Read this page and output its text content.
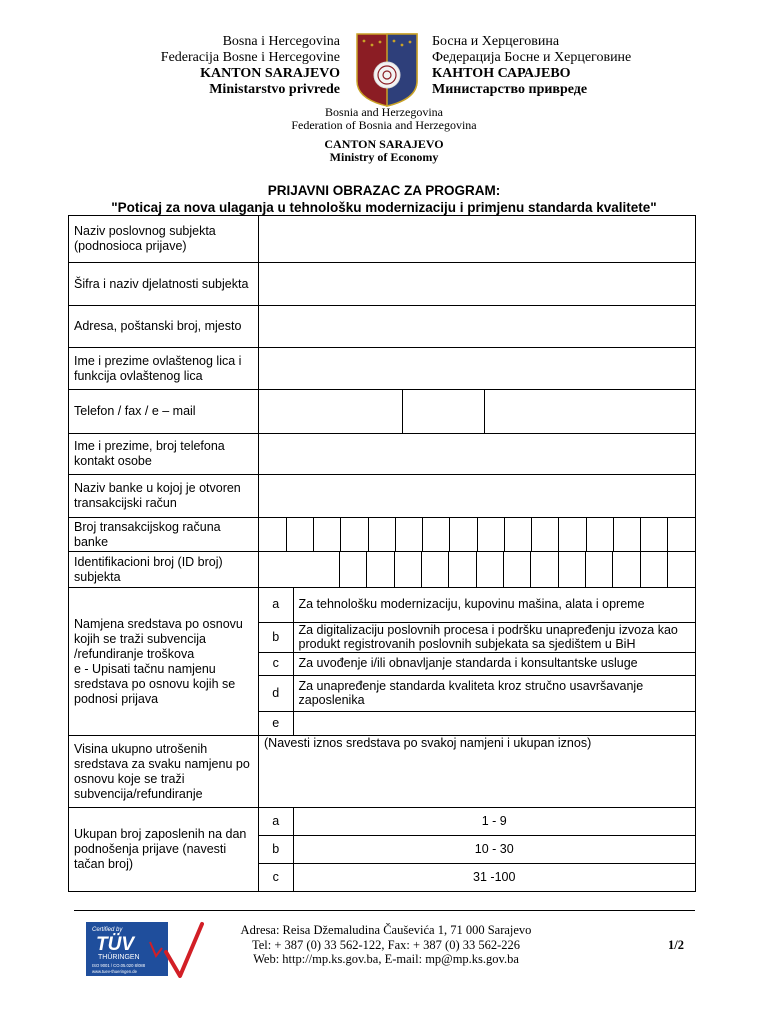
Bosna i Hercegovina
Federacija Bosne i Hercegovine
KANTON SARAJEVO
Ministarstvo privrede
Босна и Херцеговина
Федерација Босне и Херцеговине
КАНТОН САРАЈЕВО
Министарство привреде
Bosnia and Herzegovina
Federation of Bosnia and Herzegovina
CANTON SARAJEVO
Ministry of Economy
PRIJAVNI OBRAZAC ZA PROGRAM:
"Poticaj za nova ulaganja u tehnološku modernizaciju i primjenu standarda kvalitete"
Naziv poslovnog subjekta (podnosioca prijave)	
Šifra i naziv djelatnosti subjekta	
Adresa, poštanski broj, mjesto	
Ime i prezime ovlaštenog lica i funkcija ovlaštenog lica	
Telefon / fax / e – mail	

Ime i prezime, broj telefona kontakt osobe	
Naziv banke u kojoj je otvoren transakcijski račun	
Broj transakcijskog računa banke	

Identifikacioni broj (ID broj) subjekta	

Namjena sredstava po osnovu kojih se traži subvencija /refundiranje troškova
e - Upisati tačnu namjenu sredstava po osnovu kojih se podnosi prijava	
a	Za tehnološku modernizaciju, kupovinu mašina, alata i opreme
b	Za digitalizaciju poslovnih procesa i podršku unapređenju izvoza kao produkt registrovanih poslovnih subjekata sa sjedištem u BiH
c	Za uvođenje i/ili obnavljanje standarda i konsultantske usluge
d	Za unapređenje standarda kvaliteta kroz stručno usavršavanje zaposlenika
e	

Visina ukupno utrošenih sredstava za svaku namjenu po osnovu koje se traži subvencija/refundiranje	(Navesti iznos sredstava po svakoj namjeni i ukupan iznos)
Ukupan broj zaposlenih na dan podnošenja prijave (navesti tačan broj)	
a	1 - 9
b	10 - 30
c	31 -100
Certified by
TÜV
THÜRINGEN
ISO 9001 / CO.05.020 8/088
www.tuev-thueringen.de
Adresa: Reisa Džemaludina Čauševića 1, 71 000 Sarajevo
Tel: + 387 (0) 33 562-122, Fax: + 387 (0) 33 562-226
Web: http://mp.ks.gov.ba, E-mail: mp@mp.ks.gov.ba
1/2
